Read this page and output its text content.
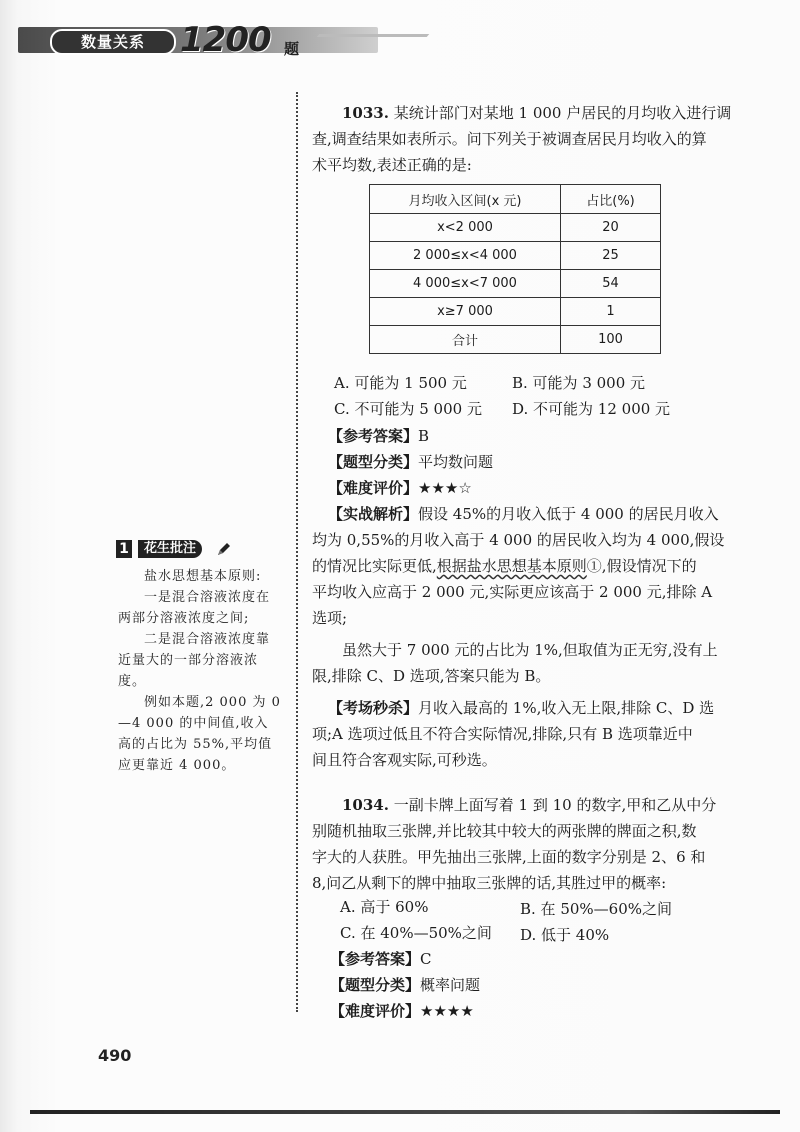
数量关系	1200 题
1033. 某统计部门对某地 1 000 户居民的月均收入进行调
查,调查结果如表所示。问下列关于被调查居民月均收入的算
术平均数,表述正确的是:
月均收入区间(x 元)	占比(%)
x<2 000	20
2 000≤x<4 000	25
4 000≤x<7 000	54
x≥7 000	1
合计	100
A. 可能为 1 500 元	B. 可能为 3 000 元
C. 不可能为 5 000 元 D. 不可能为 12 000 元
【参考答案】B
【题型分类】平均数问题
【难度评价】★★★☆
【实战解析】假设 45%的月收入低于 4 000 的居民月收入
均为 0,55%的月收入高于 4 000 的居民收入均为 4 000,假设
的情况比实际更低,根据盐水思想基本原则①,假设情况下的
平均收入应高于 2 000 元,实际更应该高于 2 000 元,排除 A
选项;
虽然大于 7 000 元的占比为 1%,但取值为正无穷,没有上
限,排除 C、D 选项,答案只能为 B。
【考场秒杀】月收入最高的 1%,收入无上限,排除 C、D 选
项;A 选项过低且不符合实际情况,排除,只有 B 选项靠近中
间且符合客观实际,可秒选。
1034. 一副卡牌上面写着 1 到 10 的数字,甲和乙从中分
别随机抽取三张牌,并比较其中较大的两张牌的牌面之积,数
字大的人获胜。甲先抽出三张牌,上面的数字分别是 2、6 和
8,问乙从剩下的牌中抽取三张牌的话,其胜过甲的概率:
A. 高于 60%	B. 在 50%—60%之间
C. 在 40%—50%之间 D. 低于 40%
【参考答案】C
【题型分类】概率问题
【难度评价】★★★★
1	花生批注

盐水思想基本原则:

一是混合溶液浓度在两部分溶液浓度之间;

二是混合溶液浓度靠近量大的一部分溶液浓度。

例如本题,2 000 为 0—4 000 的中间值,收入高的占比为 55%,平均值应更靠近 4 000。

490
